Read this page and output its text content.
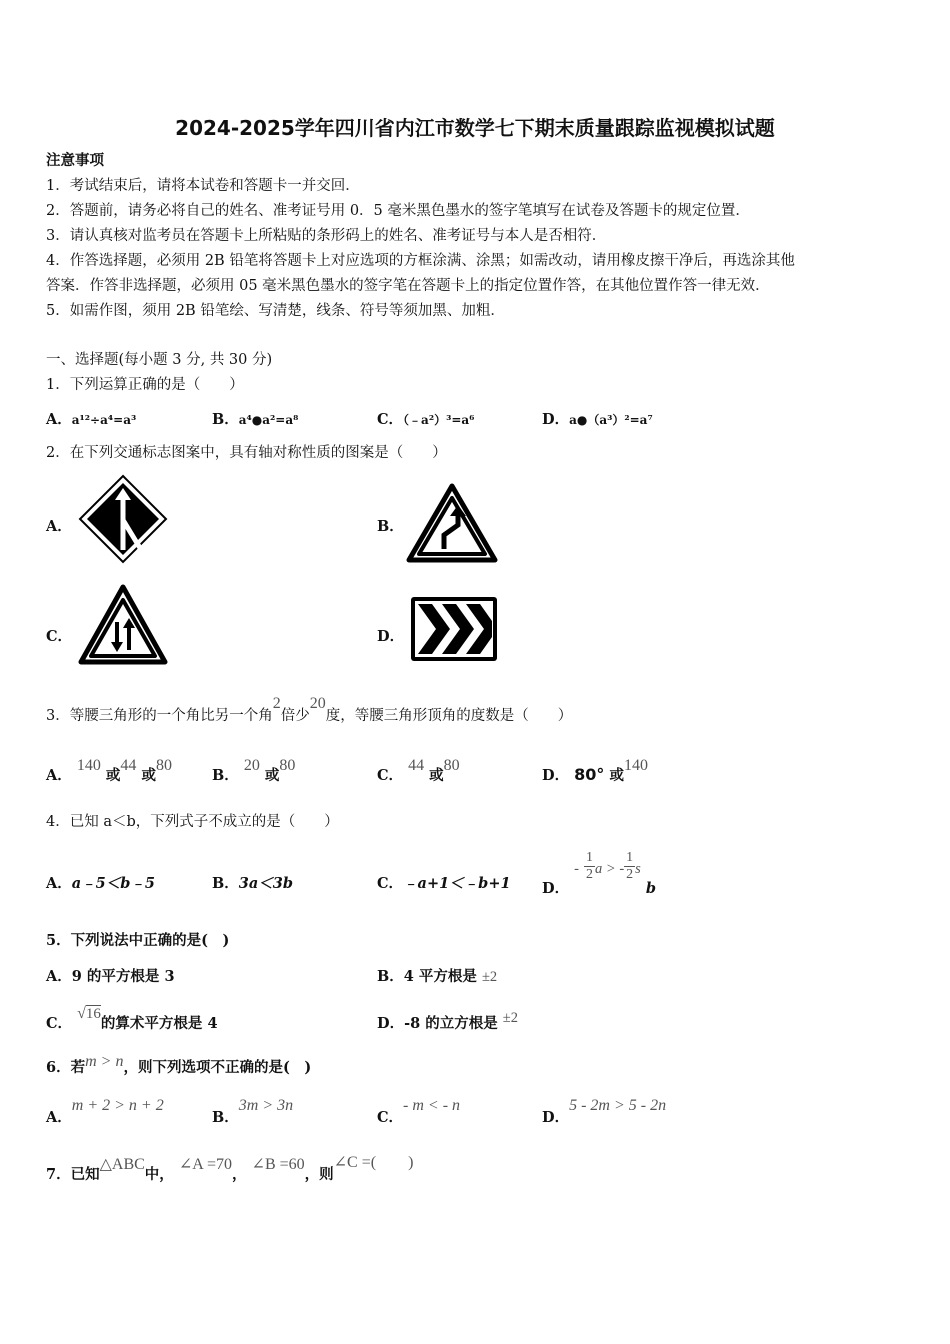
2024-2025学年四川省内江市数学七下期末质量跟踪监视模拟试题
注意事项
1．考试结束后，请将本试卷和答题卡一并交回．
2．答题前，请务必将自己的姓名、准考证号用 0．5 毫米黑色墨水的签字笔填写在试卷及答题卡的规定位置．
3．请认真核对监考员在答题卡上所粘贴的条形码上的姓名、准考证号与本人是否相符．
4．作答选择题，必须用 2B 铅笔将答题卡上对应选项的方框涂满、涂黑；如需改动，请用橡皮擦干净后，再选涂其他
答案．作答非选择题，必须用 05 毫米黑色墨水的签字笔在答题卡上的指定位置作答，在其他位置作答一律无效．
5．如需作图，须用 2B 铅笔绘、写清楚，线条、符号等须加黑、加粗．
一、选择题(每小题 3 分, 共 30 分)
1．下列运算正确的是（　　）
A．a¹²÷a⁴=a³	B．a⁴●a²=a⁸	C．（﹣a²）³=a⁶	D．a●（a³）²=a⁷
2．在下列交通标志图案中，具有轴对称性质的图案是（　　）
A．	B．
C．	D．
3．等腰三角形的一个角比另一个角2倍少20度，等腰三角形顶角的度数是（　　）
A． 140 或44 或80
B． 20 或80
C． 44 或80
D． 80° 或140
4．已知 a＜b，下列式子不成立的是（　　）
A．a﹣5＜b﹣5	B．3a＜3b	C．﹣a+1＜﹣b+1 D． - $\frac{1}{2}$ a > - $\frac{1}{2}$ s b
5．下列说法中正确的是(　)
A．9 的平方根是 3	B．4 平方根是 ±2
C． √16的算术平方根是 4	D．-8 的立方根是 ±2
6．若m > n，则下列选项不正确的是(　)
A．m + 2 > n + 2
B．3m > 3n
C．- m < - n
D．5 - 2m > 5 - 2n
7．已知△ABC中， ∠A =70， ∠B =60，则∠C =(　　)
